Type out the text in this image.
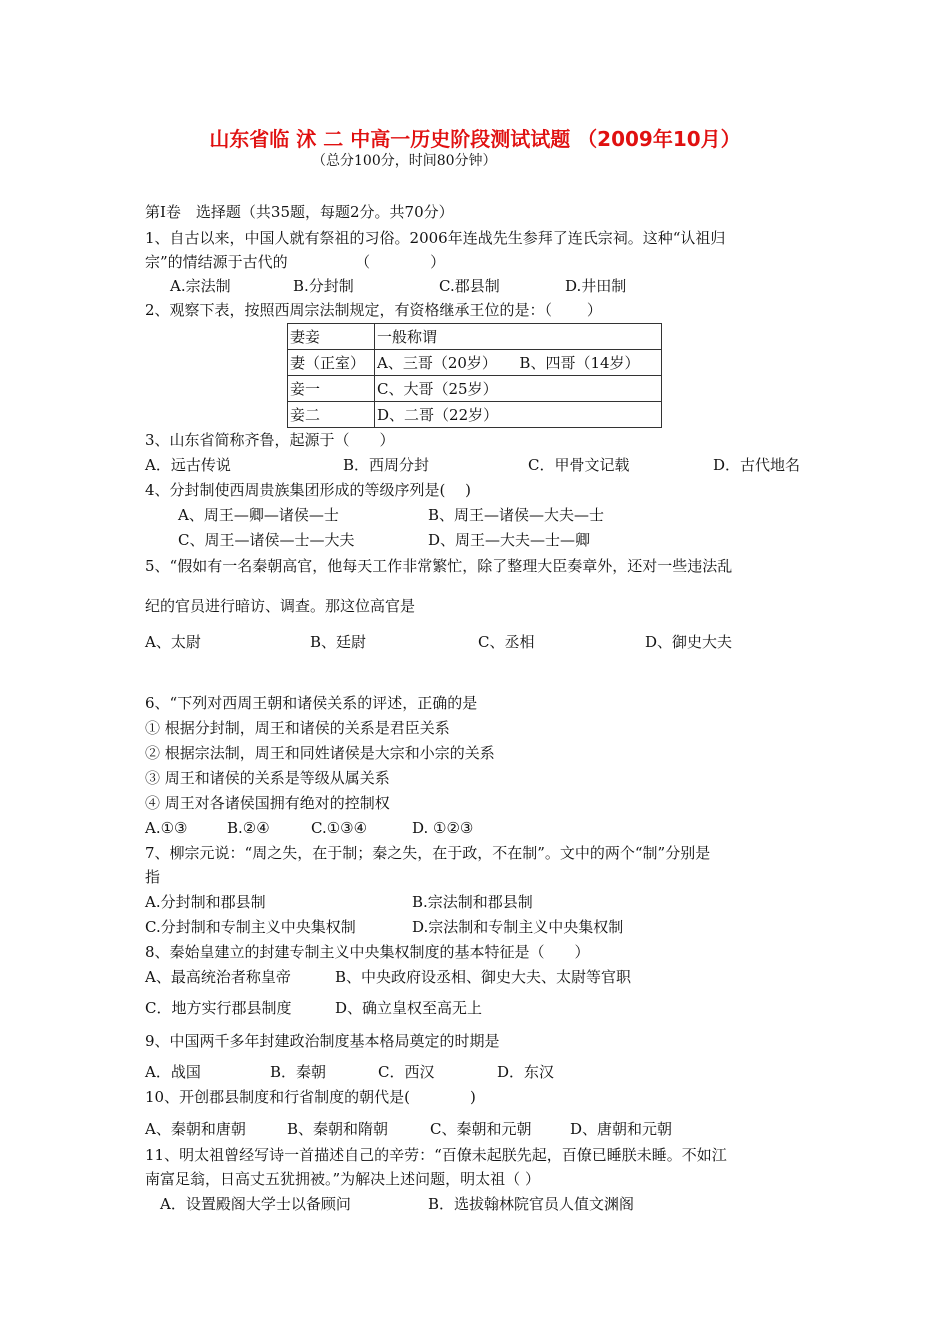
山东省临 沭 二 中高一历史阶段测试试题 （2009年10月）
（总分100分，时间80分钟）
第Ⅰ卷　选择题（共35题，每题2分。共70分）
1、自古以来，中国人就有祭祖的习俗。2006年连战先生参拜了连氏宗祠。这种“认祖归
宗”的情结源于古代的　　　　　（　　　　）
A.宗法制	B.分封制	C.郡县制	D.井田制
2、观察下表，按照西周宗法制规定，有资格继承王位的是：（　　 ）
妻妾	一般称谓
妻（正室）	A、三哥（20岁）　　B、四哥（14岁）
妾一	C、大哥（25岁）
妾二	D、二哥（22岁）
3、山东省简称齐鲁，起源于（　　）
A．远古传说	B．西周分封	C．甲骨文记载	D．古代地名
4、分封制使西周贵族集团形成的等级序列是(　 )
A、周王—卿—诸侯—士	B、周王—诸侯—大夫—士
C、周王—诸侯—士—大夫	D、周王—大夫—士—卿
5、“假如有一名秦朝高官，他每天工作非常繁忙，除了整理大臣奏章外，还对一些违法乱
纪的官员进行暗访、调查。那这位高官是
A、太尉	B、廷尉	C、丞相	D、御史大夫
6、“下列对西周王朝和诸侯关系的评述，正确的是
① 根据分封制，周王和诸侯的关系是君臣关系
② 根据宗法制，周王和同姓诸侯是大宗和小宗的关系
③ 周王和诸侯的关系是等级从属关系
④ 周王对各诸侯国拥有绝对的控制权
A.①③	B.②④	C.①③④	D. ①②③
7、柳宗元说：“周之失，在于制；秦之失，在于政，不在制”。文中的两个“制”分别是
指
A.分封制和郡县制	B.宗法制和郡县制
C.分封制和专制主义中央集权制	D.宗法制和专制主义中央集权制
8、秦始皇建立的封建专制主义中央集权制度的基本特征是（　　）
A、最高统治者称皇帝	B、中央政府设丞相、御史大夫、太尉等官职
C．地方实行郡县制度	D、确立皇权至高无上
9、中国两千多年封建政治制度基本格局奠定的时期是
A．战国	B．秦朝	C．西汉	D．东汉
10、开创郡县制度和行省制度的朝代是(　　　　)
A、秦朝和唐朝	B、秦朝和隋朝	C、秦朝和元朝	D、唐朝和元朝
11、明太祖曾经写诗一首描述自己的辛劳：“百僚未起朕先起，百僚已睡朕未睡。不如江
南富足翁，日高丈五犹拥被。”为解决上述问题，明太祖（ ）
A．设置殿阁大学士以备顾问	B．选拔翰林院官员人值文渊阁
